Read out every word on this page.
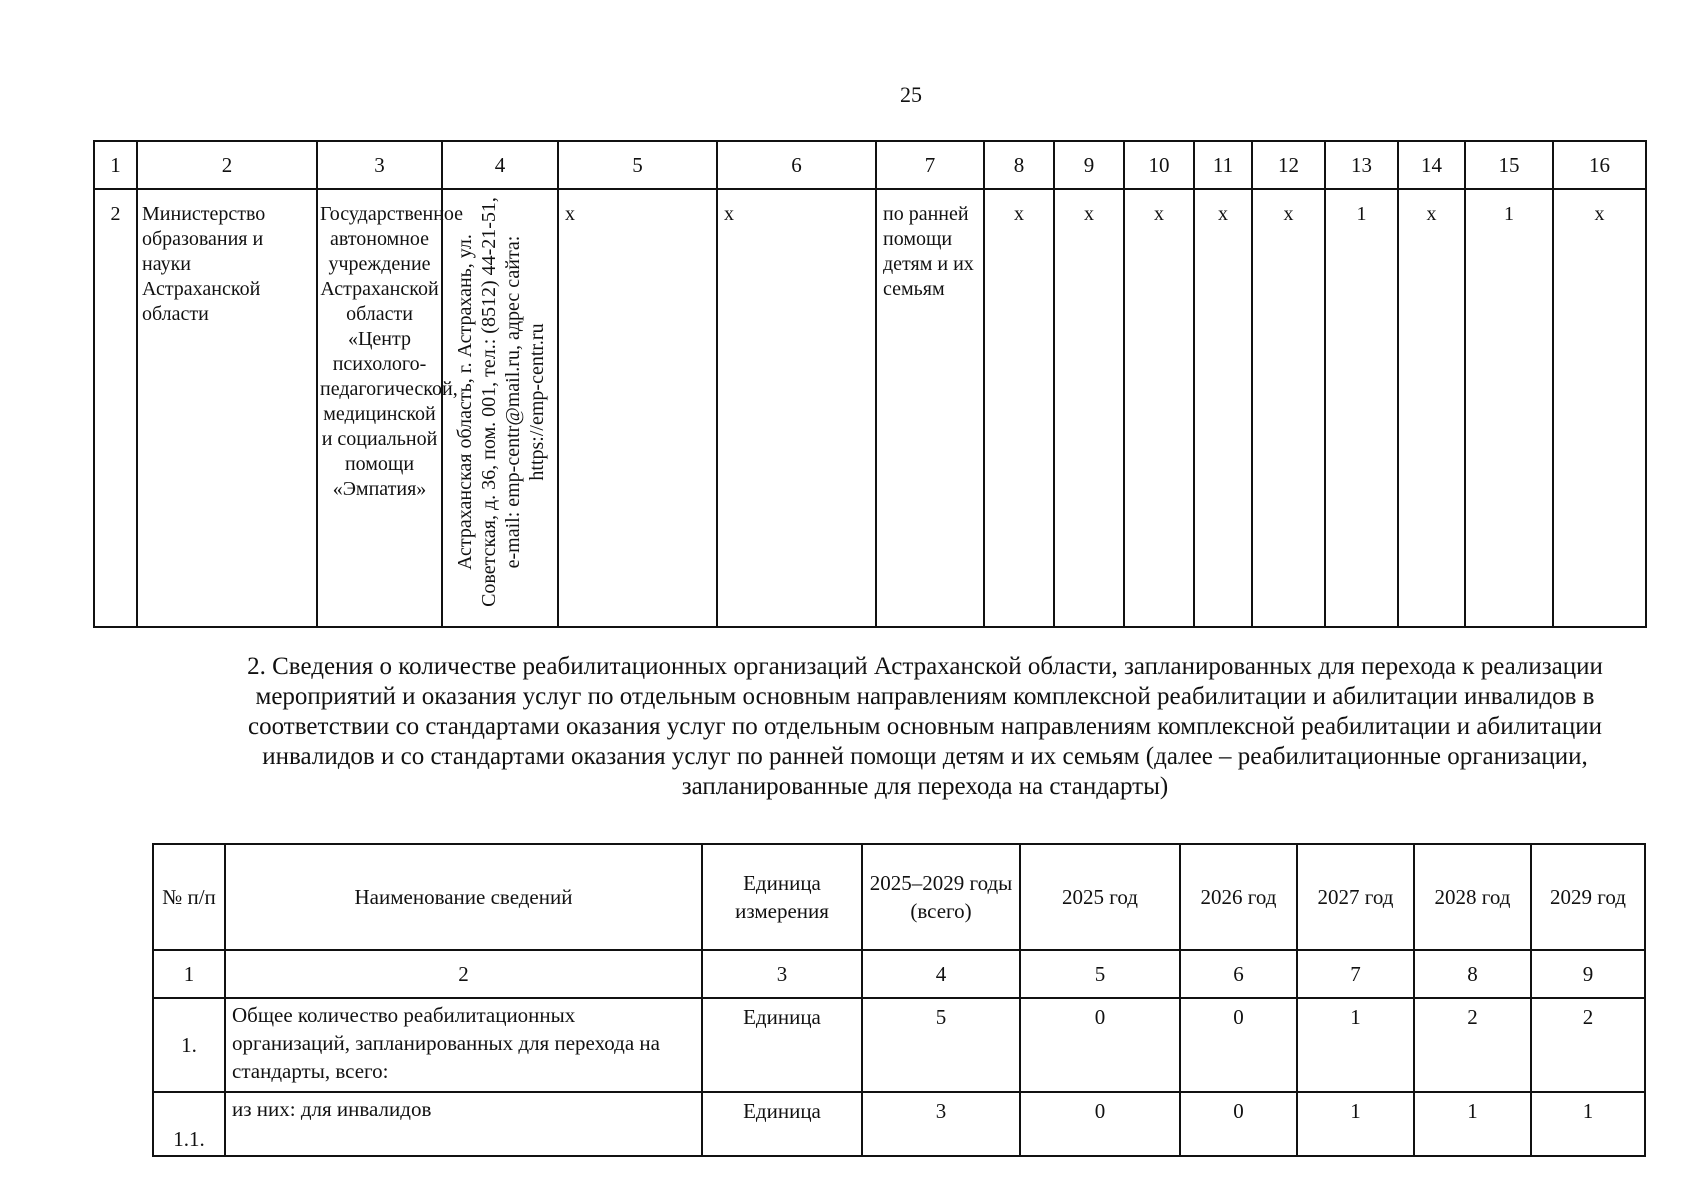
25
1	2	3	4	5	6	7	8	9	10	11	12	13	14	15	16
2	Министерство образования и науки Астраханской области	Государственное автономное учреждение Астраханской области «Центр психолого-педагогической, медицинской и социальной помощи «Эмпатия»	Астраханская область, г. Астрахань, ул. Советская, д. 36, пом. 001, тел.: (8512) 44-21-51, e-mail: emp-centr@mail.ru, адрес сайта: https://emp-centr.ru	х	х	по ранней помощи детям и их семьям	х	х	х	х	х	1	х	1	х
2. Сведения о количестве реабилитационных организаций Астраханской области, запланированных для перехода к реализации мероприятий и оказания услуг по отдельным основным направлениям комплексной реабилитации и абилитации инвалидов в соответствии со стандартами оказания услуг по отдельным основным направлениям комплексной реабилитации и абилитации инвалидов и со стандартами оказания услуг по ранней помощи детям и их семьям (далее – реабилитационные организации, запланированные для перехода на стандарты)
№ п/п	Наименование сведений	Единица измерения	2025–2029 годы (всего)	2025 год	2026 год	2027 год	2028 год	2029 год
1	2	3	4	5	6	7	8	9
1.	Общее количество реабилитационных организаций, запланированных для перехода на стандарты, всего:	Единица	5	0	0	1	2	2
1.1.	из них: для инвалидов	Единица	3	0	0	1	1	1
